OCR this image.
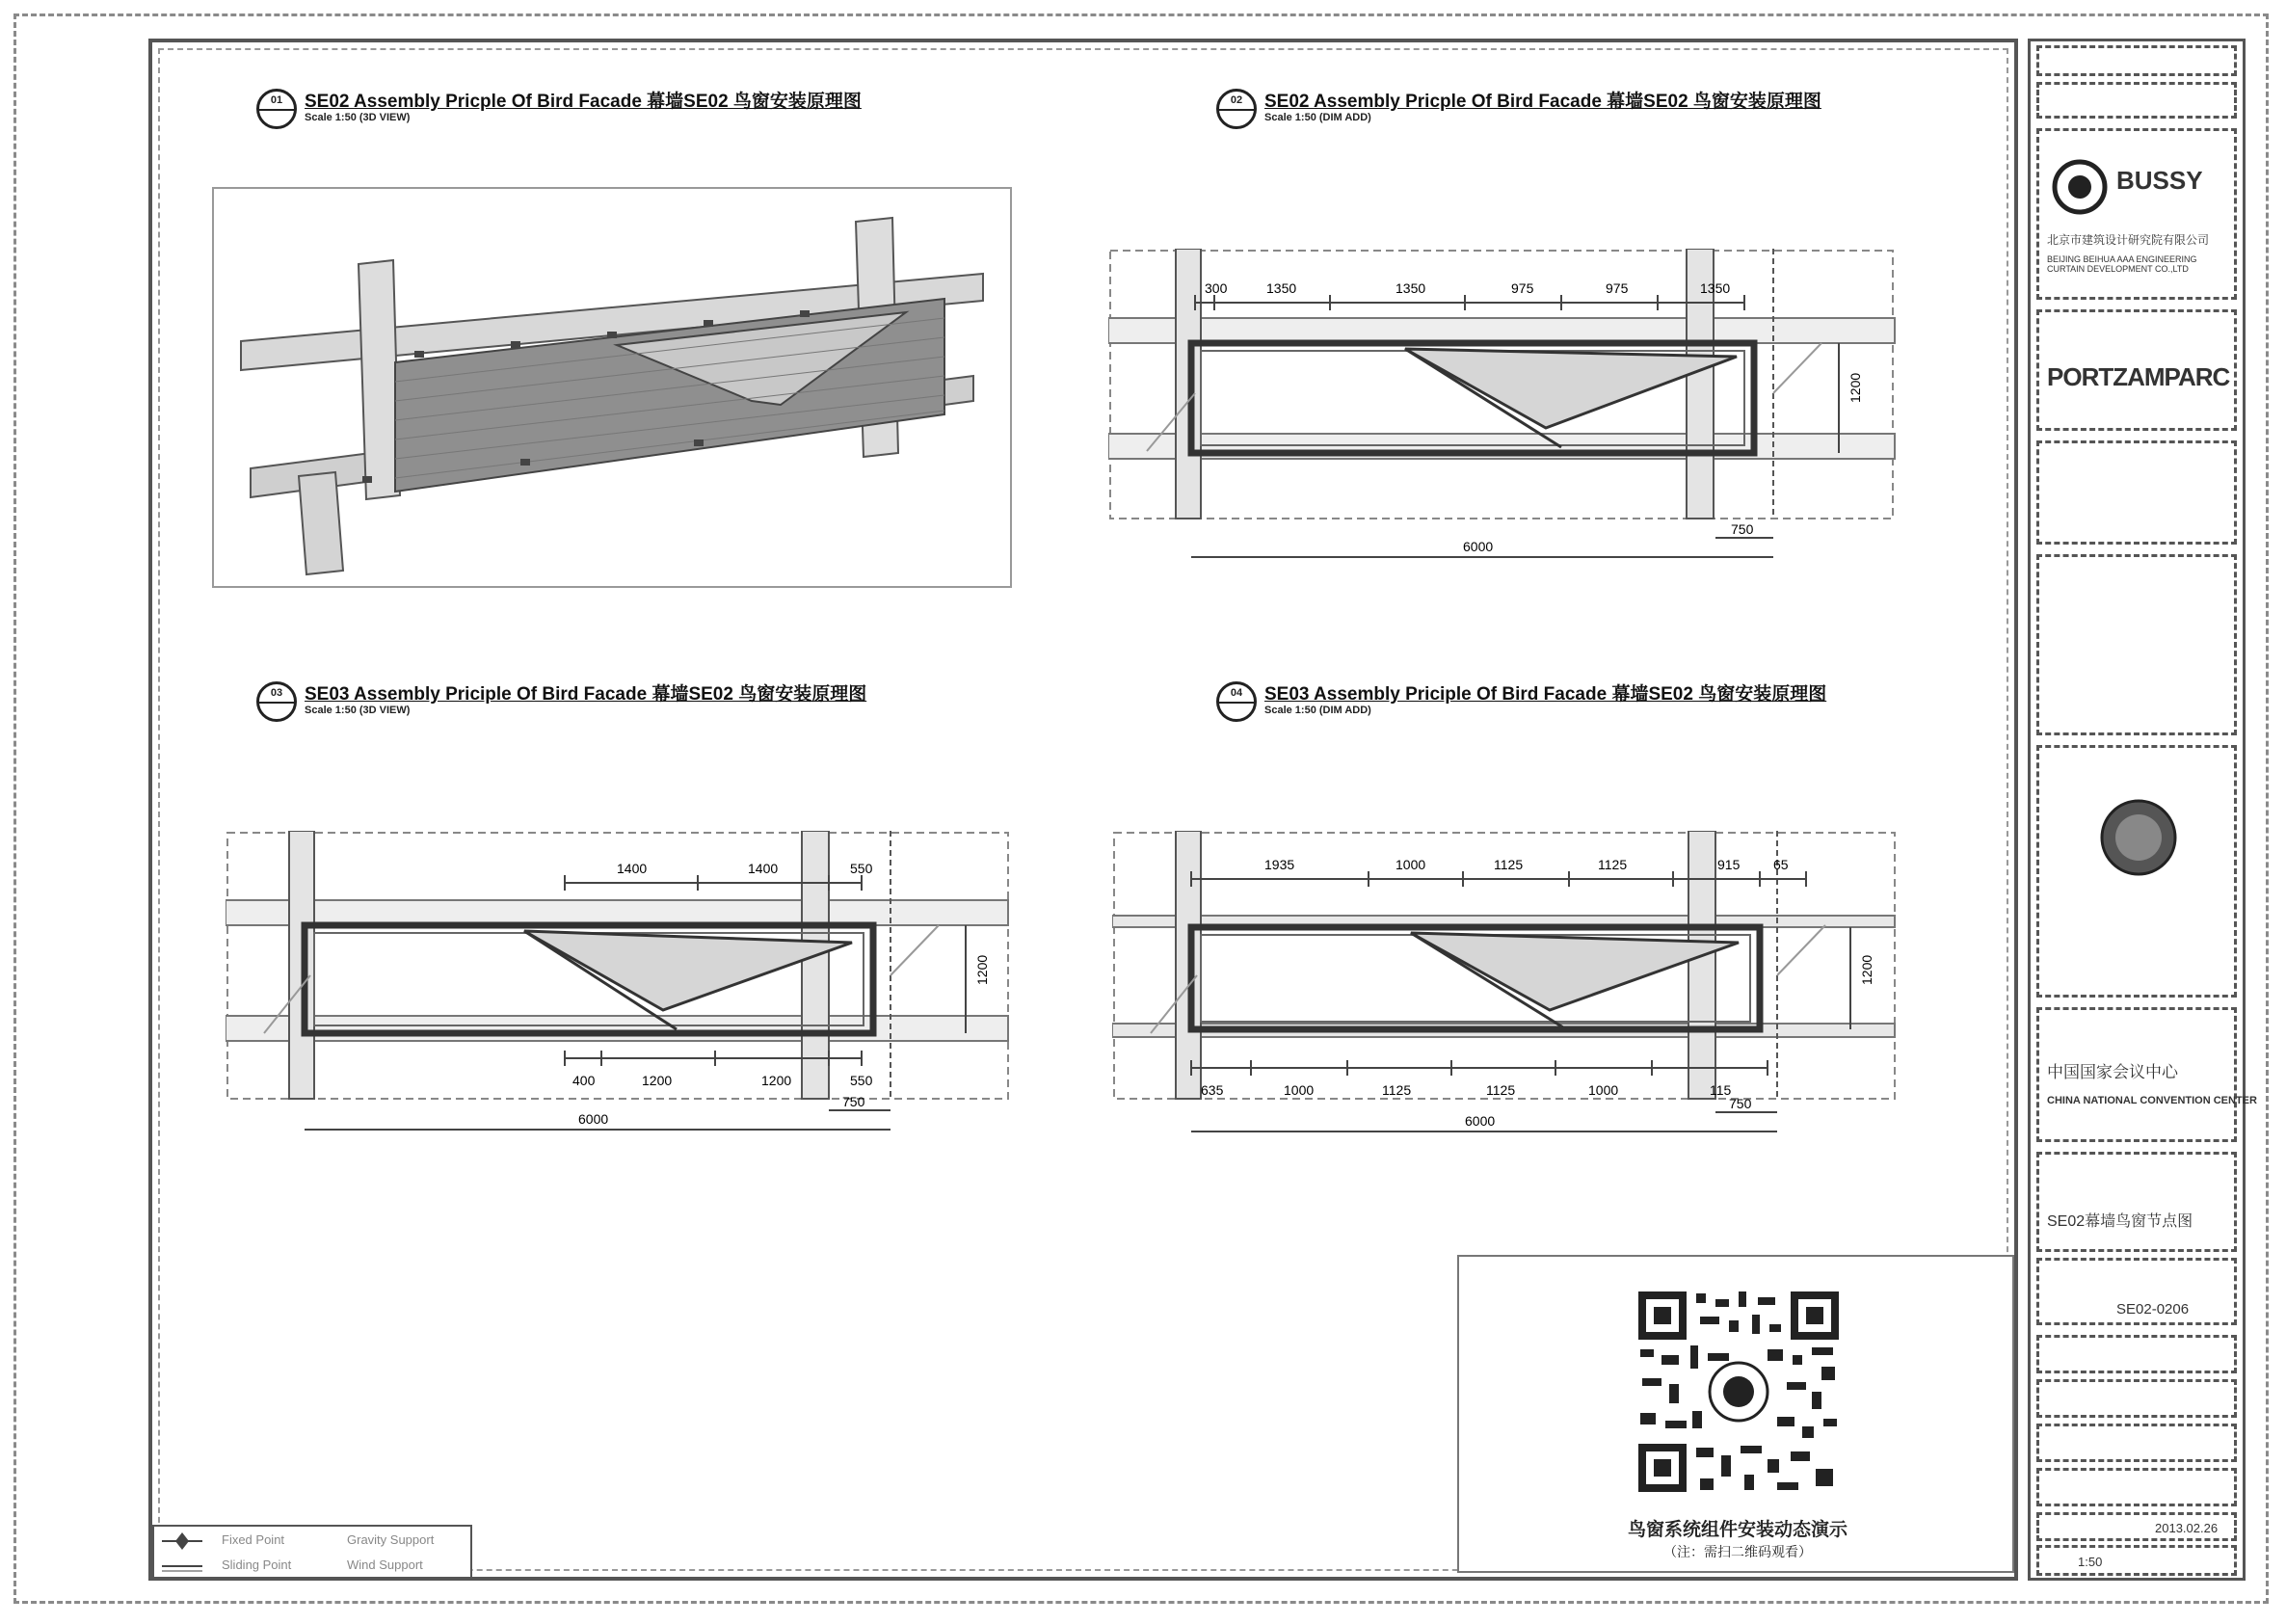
01	SE02 Assembly Pricple Of Bird Facade 幕墙SE02 鸟窗安装原理图
Scale 1:50 (3D VIEW)
02	SE02 Assembly Pricple Of Bird Facade 幕墙SE02 鸟窗安装原理图
Scale 1:50 (DIM ADD)
300	1350	1350	975	975	1350
1200
6000
750
03	SE03 Assembly Priciple Of Bird Facade 幕墙SE02 鸟窗安装原理图
Scale 1:50 (3D VIEW)
1400	1400	550
400	1200	1200	550
1200
6000
750
04	SE03 Assembly Priciple Of Bird Facade 幕墙SE02 鸟窗安装原理图
Scale 1:50 (DIM ADD)
1935	1000	1125	1125	915 65
635	1000	1125	1125	1000	115
1200
6000
750
鸟窗系统组件安装动态演示
（注：需扫二维码观看）
Fixed Point	Gravity Support
Sliding Point	Wind Support
BUSSY
北京市建筑设计研究院有限公司
BEIJING BEIHUA AAA ENGINEERING CURTAIN DEVELOPMENT CO.,LTD
PORTZAMPARC
中国国家会议中心
CHINA NATIONAL CONVENTION CENTER
SE02幕墙鸟窗节点图
SE02-0206
2013.02.26
1:50
